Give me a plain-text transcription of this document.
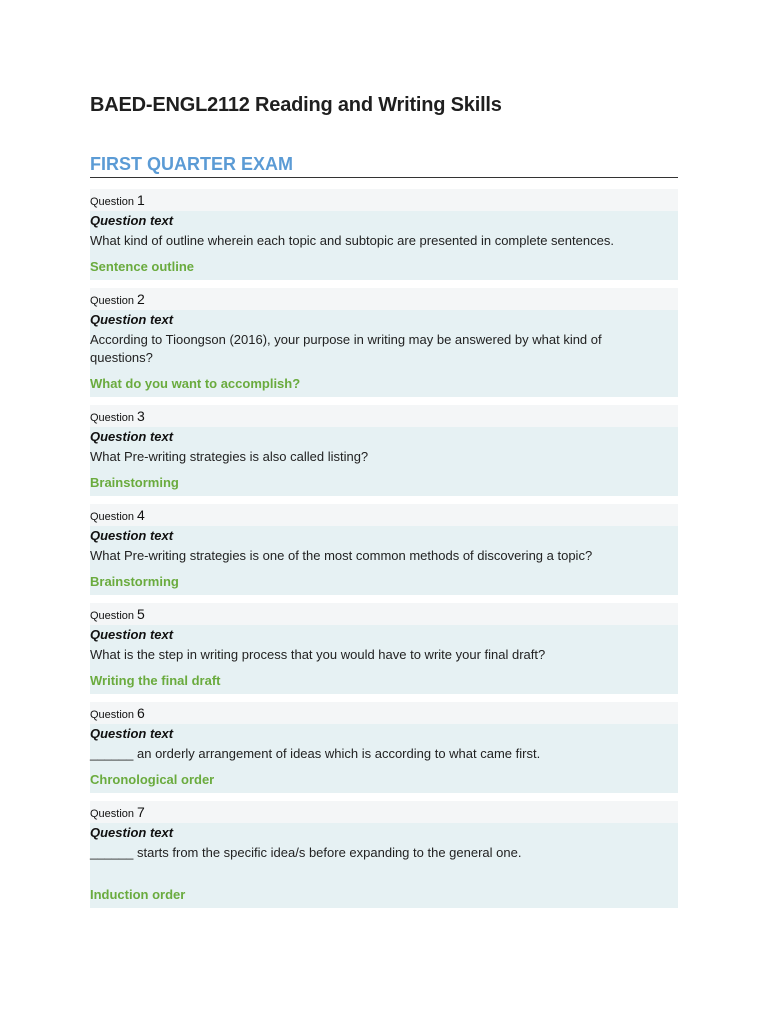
BAED-ENGL2112 Reading and Writing Skills
FIRST QUARTER EXAM
Question 1
Question text
What kind of outline wherein each topic and subtopic are presented in complete sentences.
Sentence outline
Question 2
Question text
According to Tioongson (2016), your purpose in writing may be answered by what kind of questions?
What do you want to accomplish?
Question 3
Question text
What Pre-writing strategies is also called listing?
Brainstorming
Question 4
Question text
What Pre-writing strategies is one of the most common methods of discovering a topic?
Brainstorming
Question 5
Question text
What is the step in writing process that you would have to write your final draft?
Writing the final draft
Question 6
Question text
______ an orderly arrangement of ideas which is according to what came first.
Chronological order
Question 7
Question text
______ starts from the specific idea/s before expanding to the general one.
Induction order
